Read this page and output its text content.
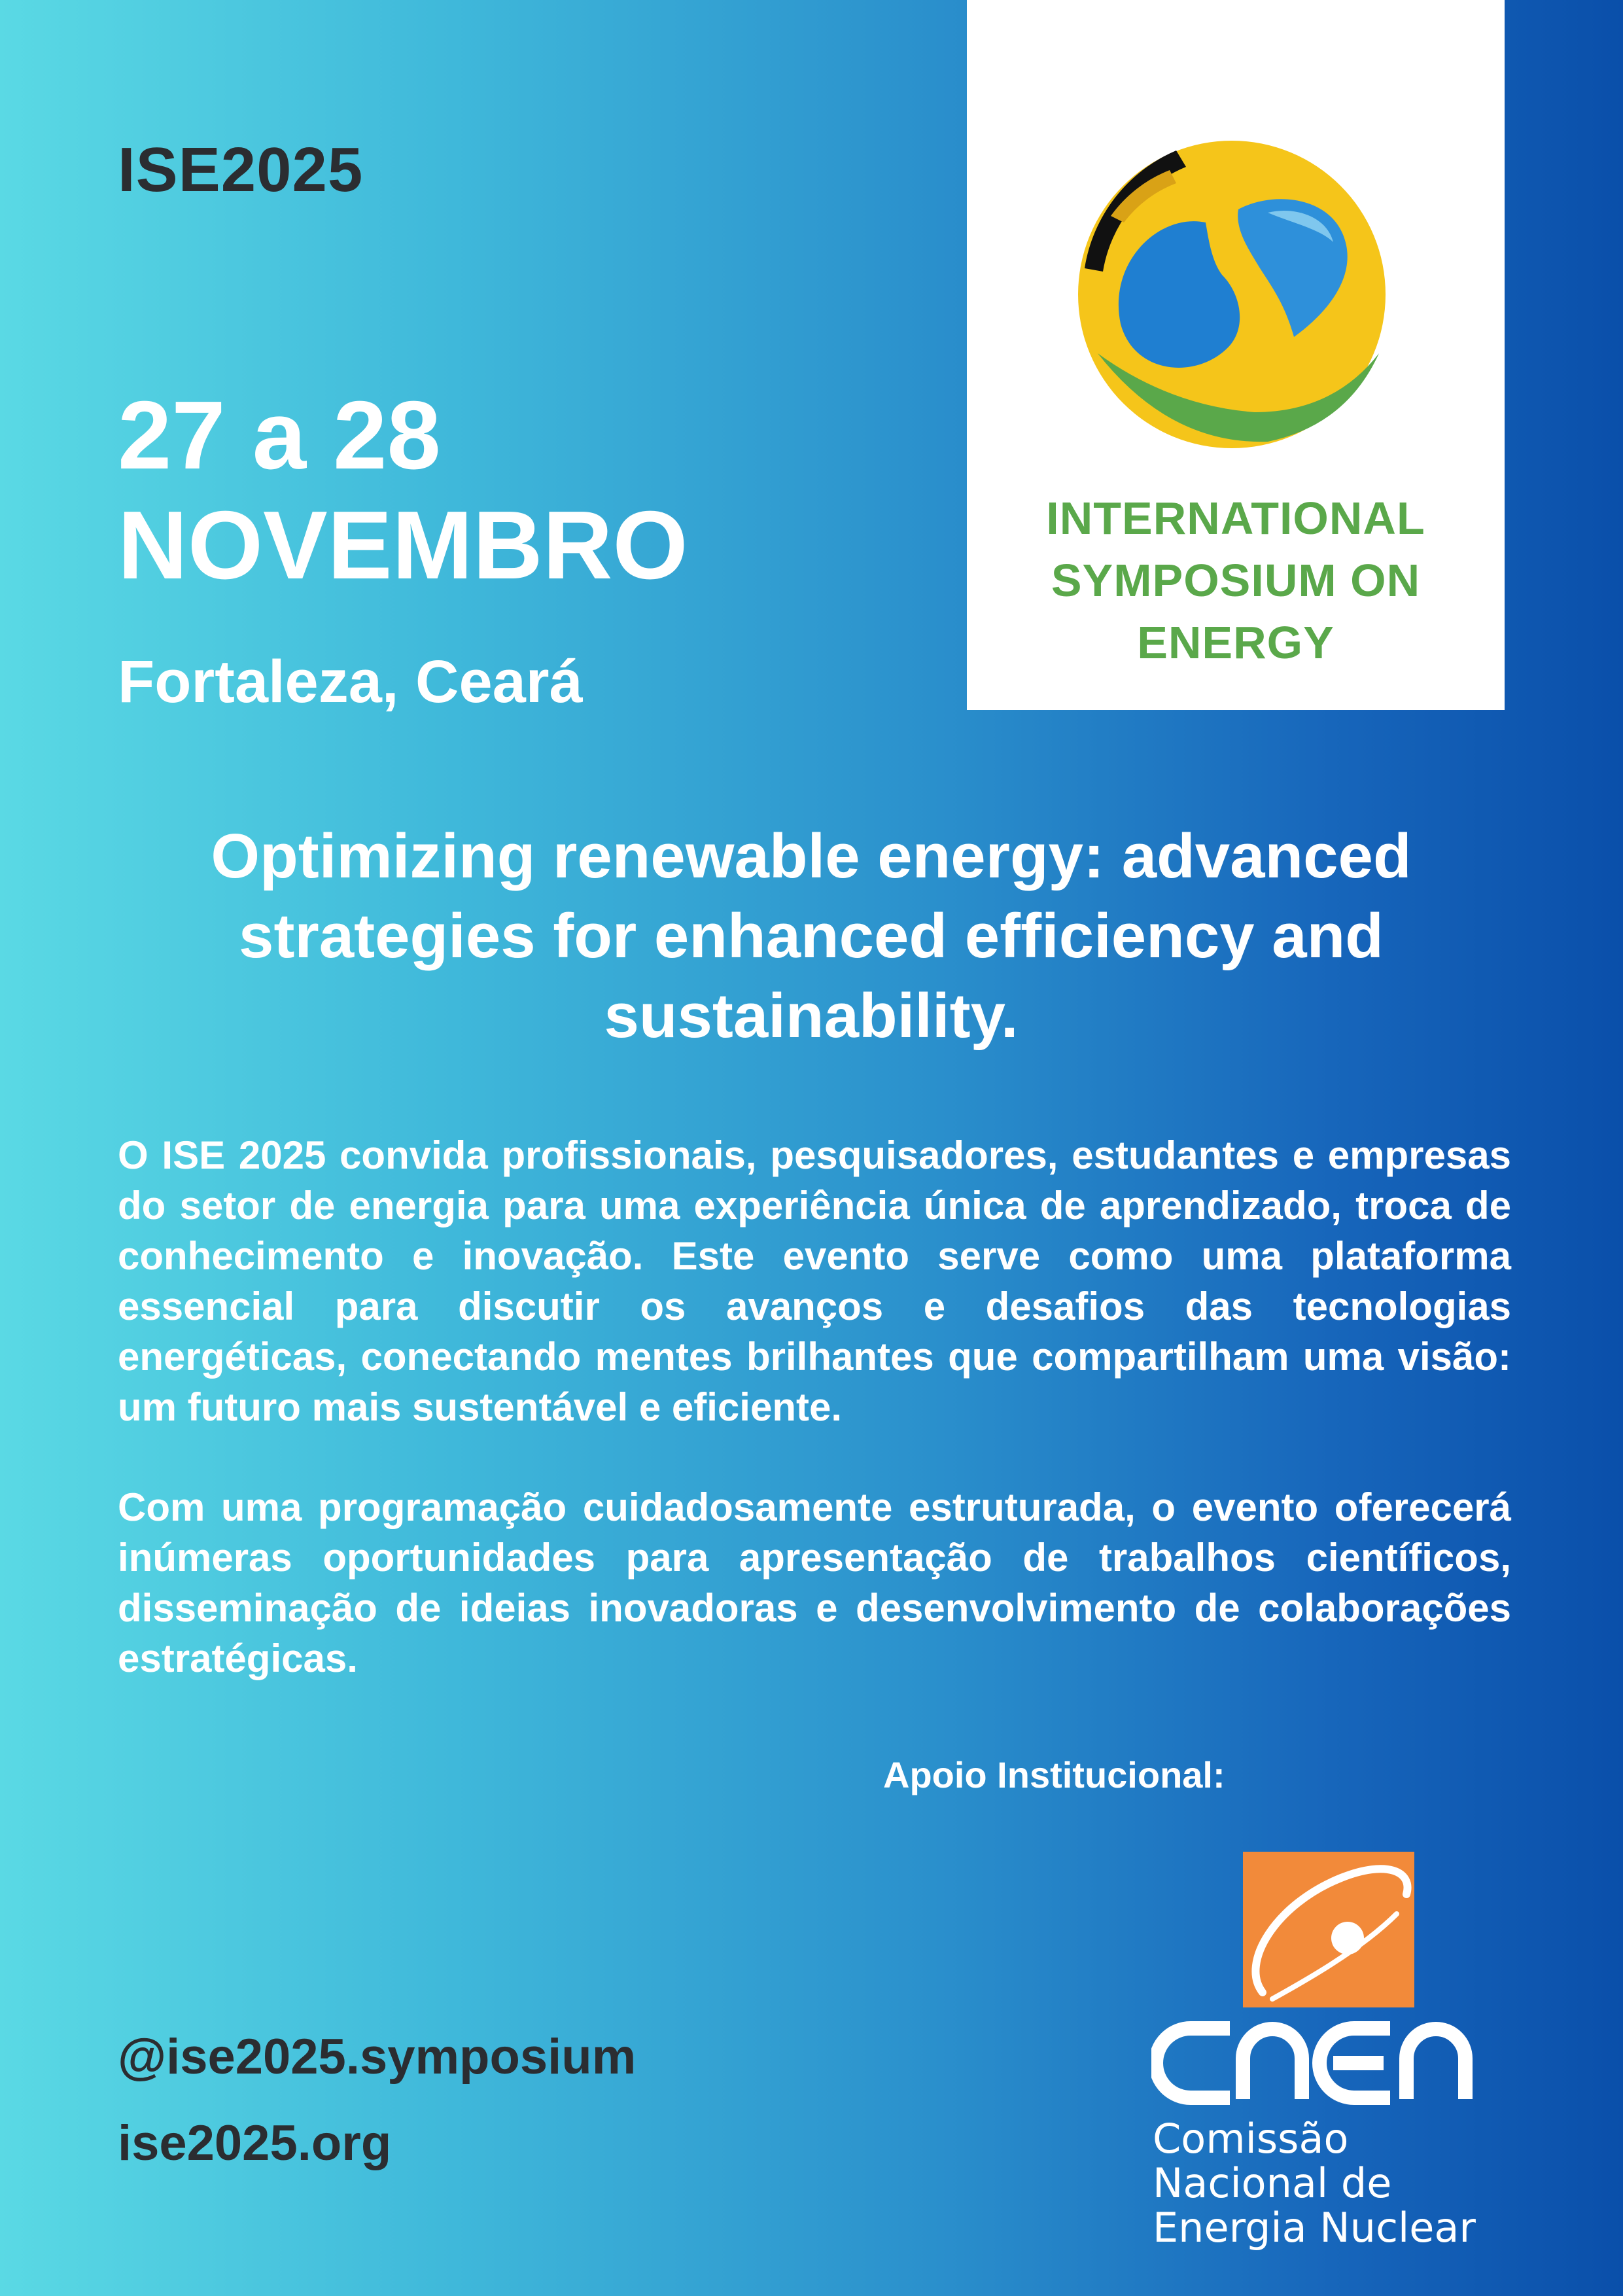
ISE2025
27 a 28 NOVEMBRO
Fortaleza, Ceará
INTERNATIONAL SYMPOSIUM ON ENERGY
Optimizing renewable energy: advanced strategies for enhanced efficiency and sustainability.
O ISE 2025 convida profissionais, pesquisadores, estudantes e empresas do setor de energia para uma experiência única de aprendizado, troca de conhecimento e inovação. Este evento serve como uma plataforma essencial para discutir os avanços e desafios das tecnologias energéticas, conectando mentes brilhantes que compartilham uma visão: um futuro mais sustentável e eficiente.
Com uma programação cuidadosamente estruturada, o evento oferecerá inúmeras oportunidades para apresentação de trabalhos científicos, disseminação de ideias inovadoras e desenvolvimento de colaborações estratégicas.
Apoio Institucional:
CNEN
Comissão Nacional de Energia Nuclear
@ise2025.symposium
ise2025.org
